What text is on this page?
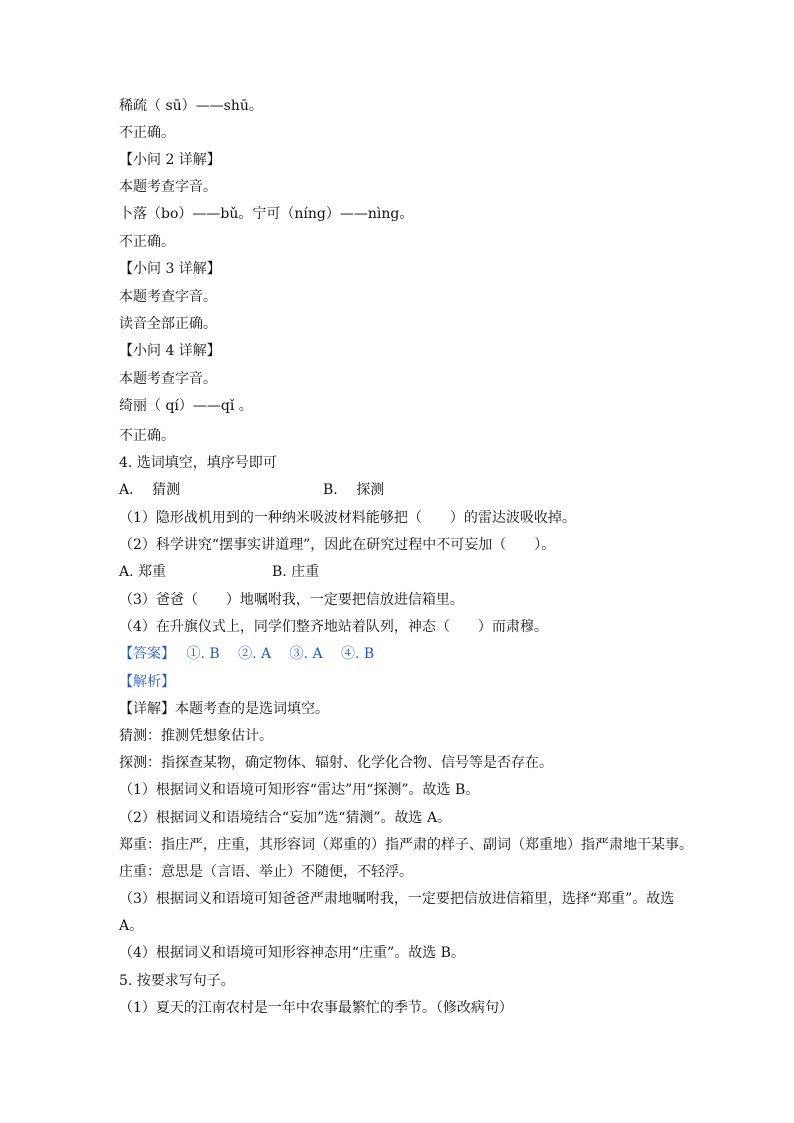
稀疏（ sū）——shū。
不正确。
【小问 2 详解】
本题考查字音。
卜落（bo）——bǔ。宁可（níng）——nìng。
不正确。
【小问 3 详解】
本题考查字音。
读音全部正确。
【小问 4 详解】
本题考查字音。
绮丽（ qí）——qǐ 。
不正确。
4. 选词填空，填序号即可
A.　 猜测	B.　 探测
（1）隐形战机用到的一种纳米吸波材料能够把（　　）的雷达波吸收掉。
（2）科学讲究“摆事实讲道理”，因此在研究过程中不可妄加（　　）。
A. 郑重	B. 庄重
（3）爸爸（　　）地嘱咐我，一定要把信放进信箱里。
（4）在升旗仪式上，同学们整齐地站着队列，神态（　　）而肃穆。
【答案】　 ①. B　 ②. A　 ③. A　 ④. B
【解析】
【详解】本题考查的是选词填空。
猜测：推测凭想象估计。
探测：指探查某物，确定物体、辐射、化学化合物、信号等是否存在。
（1）根据词义和语境可知形容“雷达”用“探测”。故选 B。
（2）根据词义和语境结合“妄加”选“猜测”。故选 A。
郑重：指庄严，庄重，其形容词（郑重的）指严肃的样子、副词（郑重地）指严肃地干某事。
庄重：意思是（言语、举止）不随便，不轻浮。
（3）根据词义和语境可知爸爸严肃地嘱咐我，一定要把信放进信箱里，选择“郑重”。故选
A。
（4）根据词义和语境可知形容神态用“庄重”。故选 B。
5. 按要求写句子。
（1）夏天的江南农村是一年中农事最繁忙的季节。（修改病句）
